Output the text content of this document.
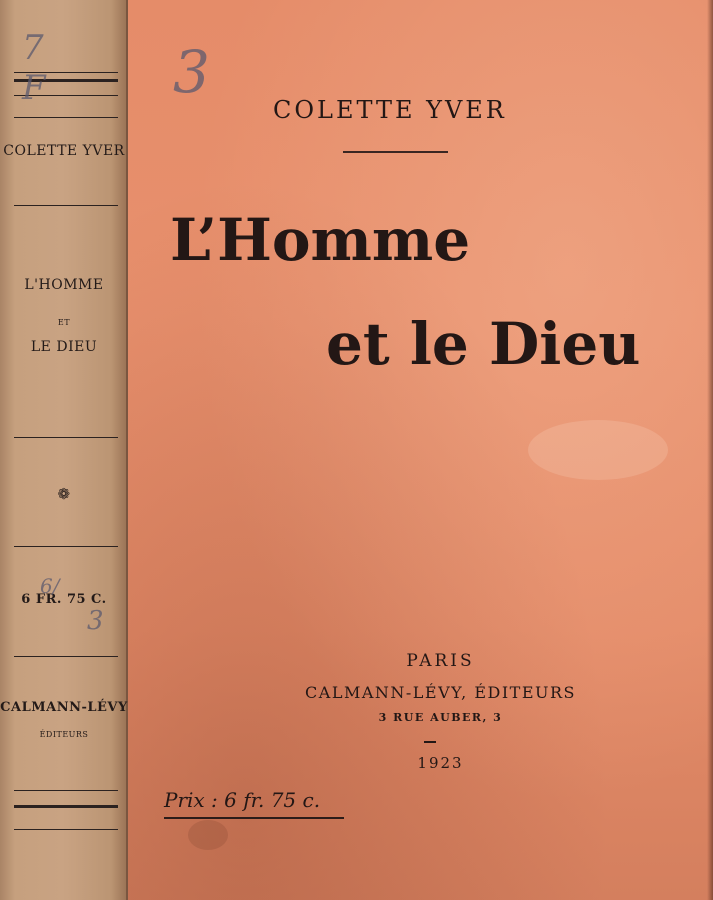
COLETTE YVER
L'HOMME
ET
LE DIEU
❁
6 FR. 75 C.
CALMANN-LÉVY
ÉDITEURS
7 F
6/
3
3
COLETTE YVER
L’Homme
et le Dieu
PARIS
CALMANN-LÉVY, ÉDITEURS
3 RUE AUBER, 3
1923
Prix : 6 fr. 75 c.
